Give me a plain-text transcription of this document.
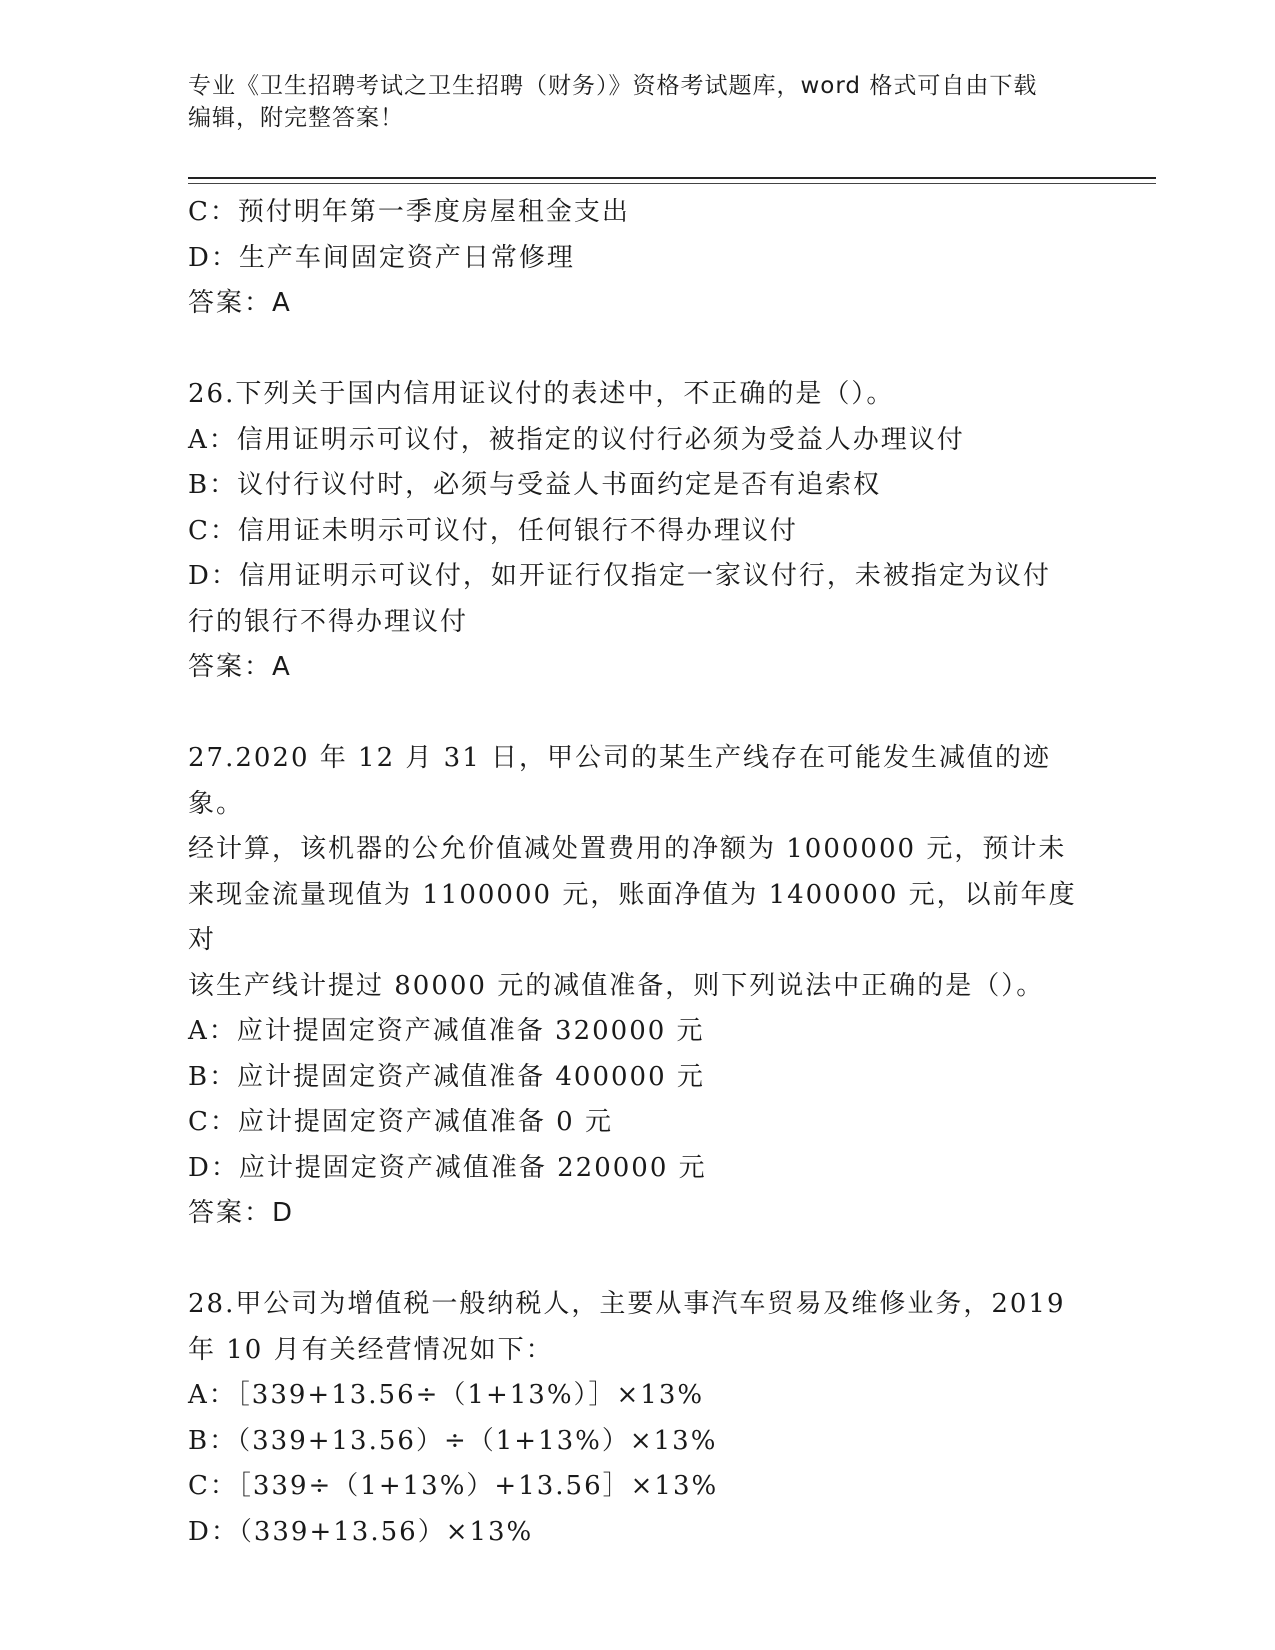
专业《卫生招聘考试之卫生招聘（财务）》资格考试题库，word 格式可自由下载

编辑，附完整答案！

C：预付明年第一季度房屋租金支出

D：生产车间固定资产日常修理

答案：A

26.下列关于国内信用证议付的表述中，不正确的是（）。

A：信用证明示可议付，被指定的议付行必须为受益人办理议付

B：议付行议付时，必须与受益人书面约定是否有追索权

C：信用证未明示可议付，任何银行不得办理议付

D：信用证明示可议付，如开证行仅指定一家议付行，未被指定为议付

行的银行不得办理议付

答案：A

27.2020 年 12 月 31 日，甲公司的某生产线存在可能发生减值的迹象。

经计算，该机器的公允价值减处置费用的净额为 1000000 元，预计未

来现金流量现值为 1100000 元，账面净值为 1400000 元，以前年度对

该生产线计提过 80000 元的减值准备，则下列说法中正确的是（）。

A：应计提固定资产减值准备 320000 元

B：应计提固定资产减值准备 400000 元

C：应计提固定资产减值准备 0 元

D：应计提固定资产减值准备 220000 元

答案：D

28.甲公司为增值税一般纳税人，主要从事汽车贸易及维修业务，2019

年 10 月有关经营情况如下：

A：［339+13.56÷（1+13%）］×13%

B：（339+13.56）÷（1+13%）×13%

C：［339÷（1+13%）+13.56］×13%

D：（339+13.56）×13%
